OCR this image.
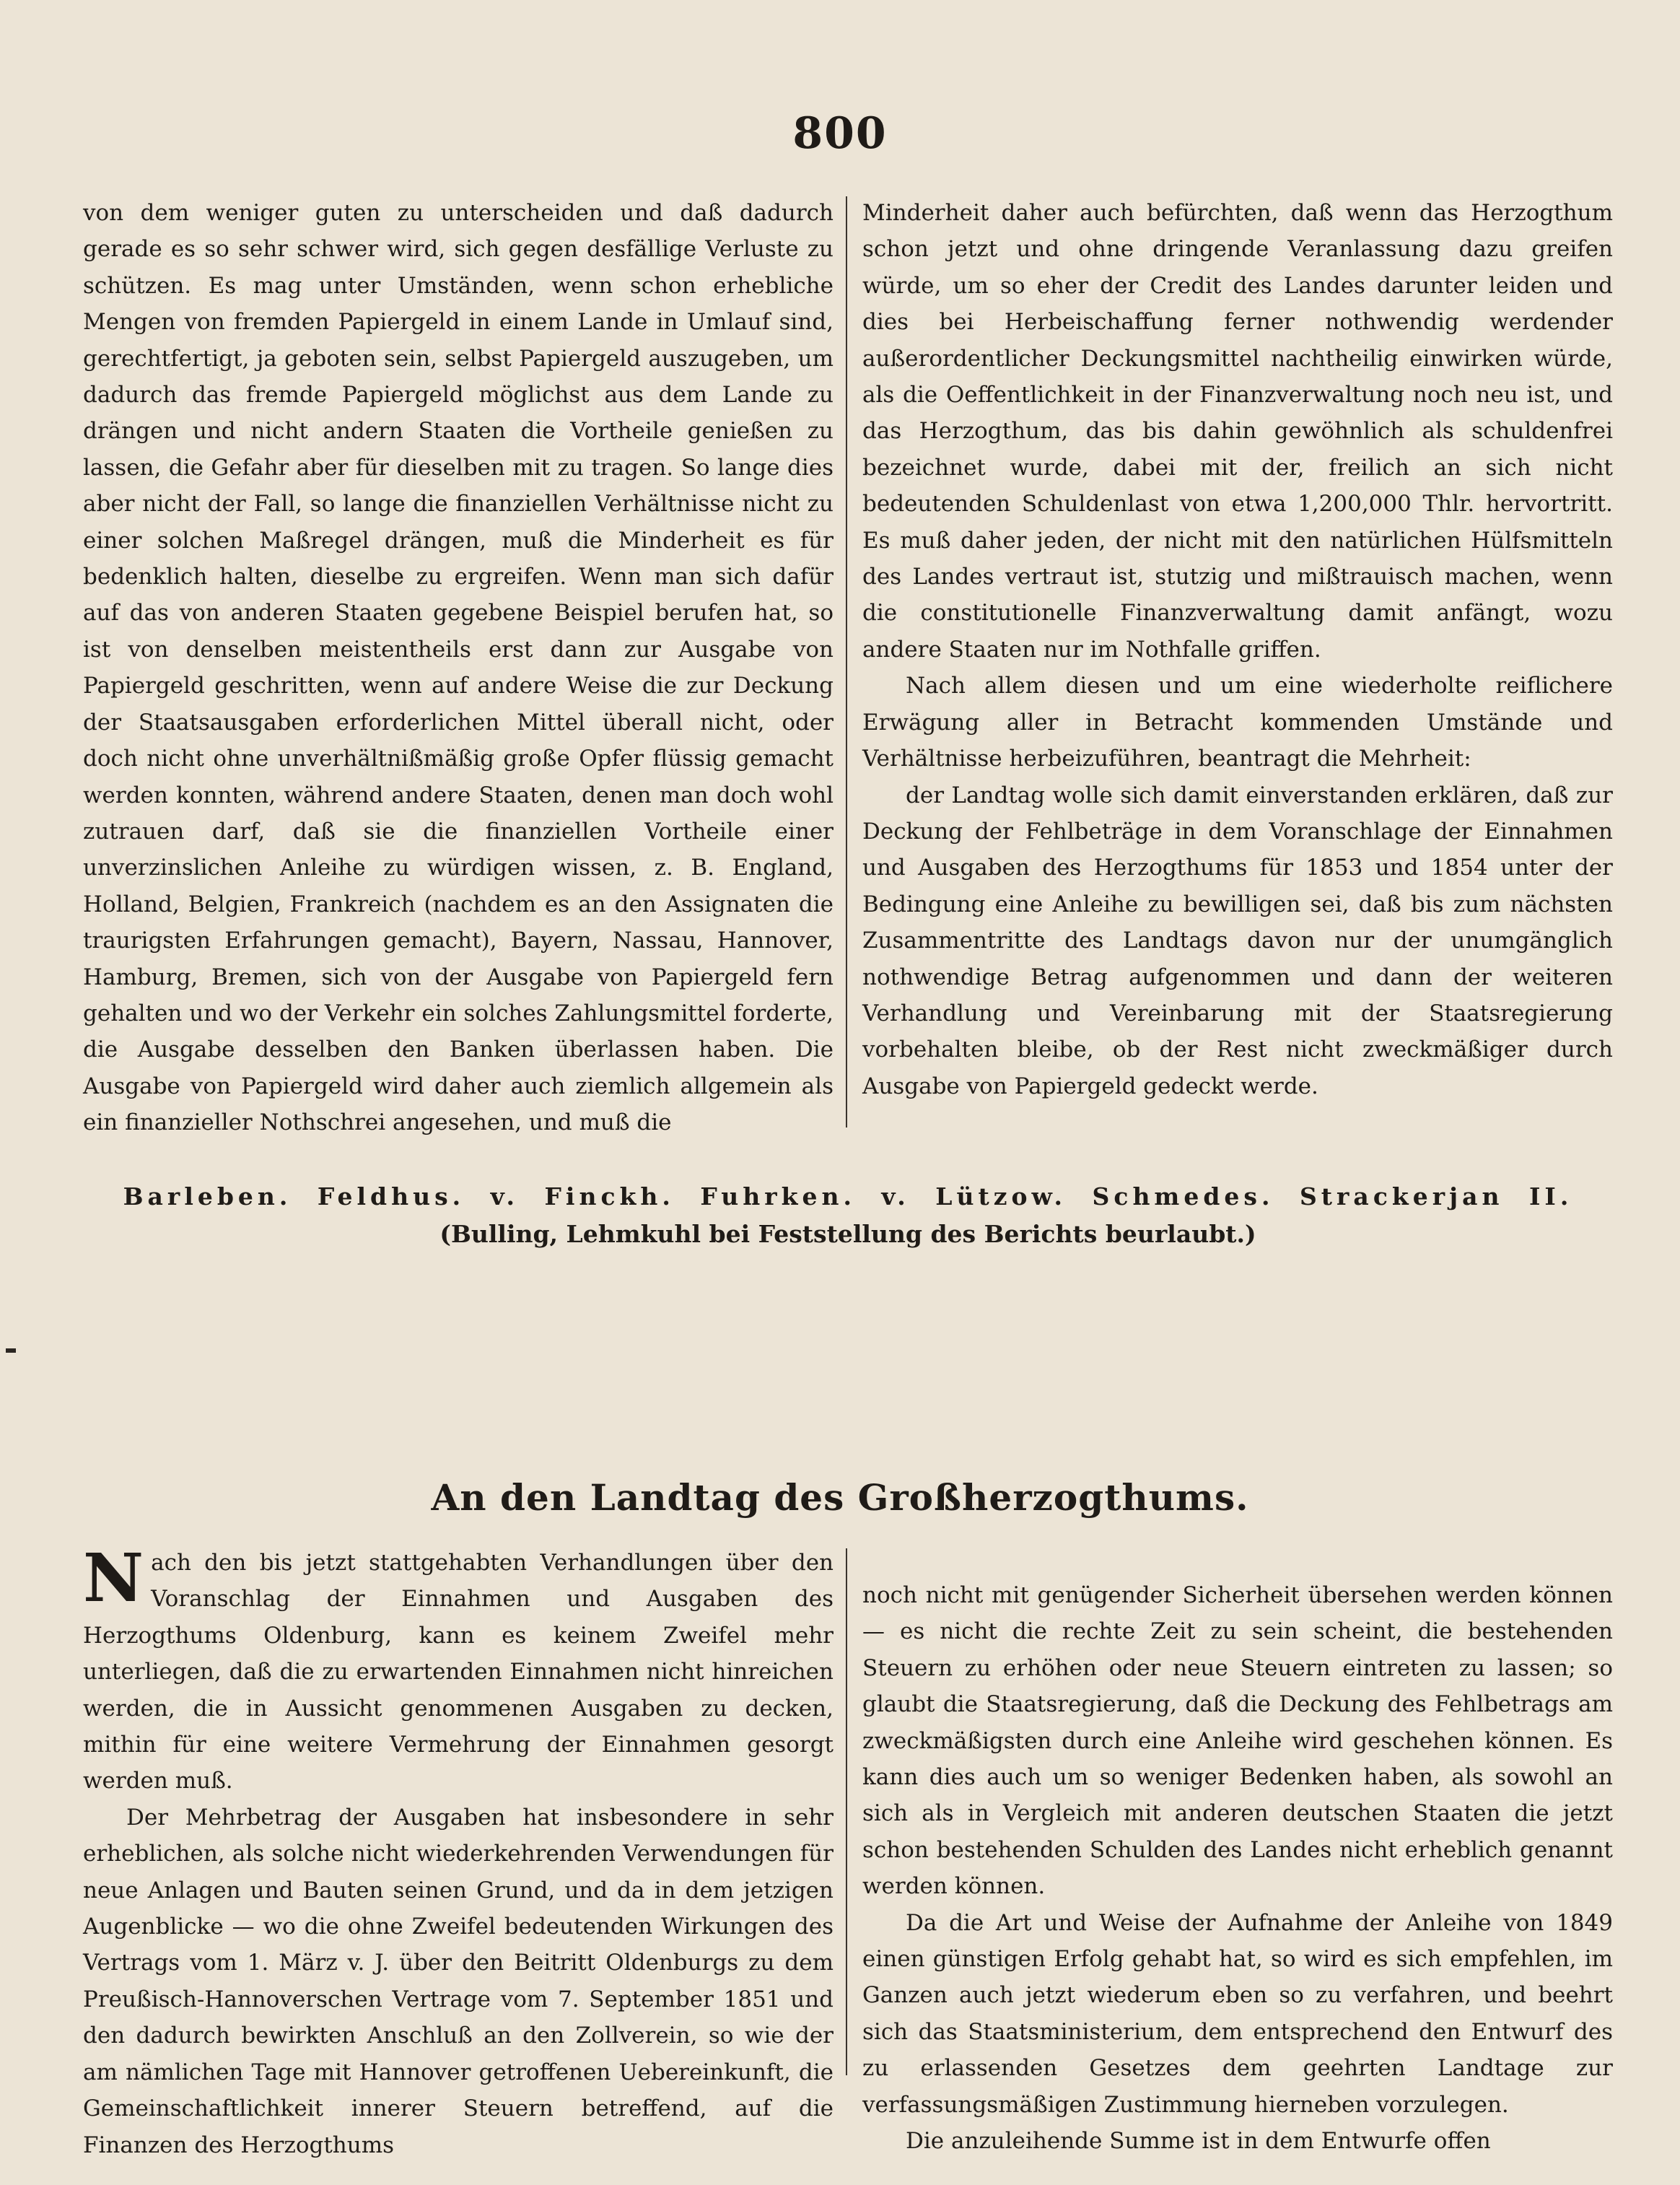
800

von dem weniger guten zu unterscheiden und daß dadurch gerade es so sehr schwer wird, sich gegen desfällige Verluste zu schützen. Es mag unter Umständen, wenn schon erhebliche Mengen von fremden Papiergeld in einem Lande in Umlauf sind, gerechtfertigt, ja geboten sein, selbst Papiergeld auszugeben, um dadurch das fremde Papiergeld möglichst aus dem Lande zu drängen und nicht andern Staaten die Vortheile genießen zu lassen, die Gefahr aber für dieselben mit zu tragen. So lange dies aber nicht der Fall, so lange die finanziellen Verhältnisse nicht zu einer solchen Maßregel drängen, muß die Minderheit es für bedenklich halten, dieselbe zu ergreifen. Wenn man sich dafür auf das von anderen Staaten gegebene Beispiel berufen hat, so ist von denselben meistentheils erst dann zur Ausgabe von Papiergeld geschritten, wenn auf andere Weise die zur Deckung der Staatsausgaben erforderlichen Mittel überall nicht, oder doch nicht ohne unverhältnißmäßig große Opfer flüssig gemacht werden konnten, während andere Staaten, denen man doch wohl zutrauen darf, daß sie die finanziellen Vortheile einer unverzinslichen Anleihe zu würdigen wissen, z. B. England, Holland, Belgien, Frankreich (nachdem es an den Assignaten die traurigsten Erfahrungen gemacht), Bayern, Nassau, Hannover, Hamburg, Bremen, sich von der Ausgabe von Papiergeld fern gehalten und wo der Verkehr ein solches Zahlungsmittel forderte, die Ausgabe desselben den Banken überlassen haben. Die Ausgabe von Papiergeld wird daher auch ziemlich allgemein als ein finanzieller Nothschrei angesehen, und muß die

Minderheit daher auch befürchten, daß wenn das Herzogthum schon jetzt und ohne dringende Veranlassung dazu greifen würde, um so eher der Credit des Landes darunter leiden und dies bei Herbeischaffung ferner nothwendig werdender außerordentlicher Deckungsmittel nachtheilig einwirken würde, als die Oeffentlichkeit in der Finanzverwaltung noch neu ist, und das Herzogthum, das bis dahin gewöhnlich als schuldenfrei bezeichnet wurde, dabei mit der, freilich an sich nicht bedeutenden Schuldenlast von etwa 1,200,000 Thlr. hervortritt. Es muß daher jeden, der nicht mit den natürlichen Hülfsmitteln des Landes vertraut ist, stutzig und mißtrauisch machen, wenn die constitutionelle Finanzverwaltung damit anfängt, wozu andere Staaten nur im Nothfalle griffen.

Nach allem diesen und um eine wiederholte reiflichere Erwägung aller in Betracht kommenden Umstände und Verhältnisse herbeizuführen, beantragt die Mehrheit:

der Landtag wolle sich damit einverstanden erklären, daß zur Deckung der Fehlbeträge in dem Voranschlage der Einnahmen und Ausgaben des Herzogthums für 1853 und 1854 unter der Bedingung eine Anleihe zu bewilligen sei, daß bis zum nächsten Zusammentritte des Landtags davon nur der unumgänglich nothwendige Betrag aufgenommen und dann der weiteren Verhandlung und Vereinbarung mit der Staatsregierung vorbehalten bleibe, ob der Rest nicht zweckmäßiger durch Ausgabe von Papiergeld gedeckt werde.

Barleben. Feldhus. v. Finckh. Fuhrken. v. Lützow. Schmedes. Strackerjan II.
(Bulling, Lehmkuhl bei Feststellung des Berichts beurlaubt.)
An den Landtag des Großherzogthums.

Nach den bis jetzt stattgehabten Verhandlungen über den Voranschlag der Einnahmen und Ausgaben des Herzogthums Oldenburg, kann es keinem Zweifel mehr unterliegen, daß die zu erwartenden Einnahmen nicht hinreichen werden, die in Aussicht genommenen Ausgaben zu decken, mithin für eine weitere Vermehrung der Einnahmen gesorgt werden muß.

Der Mehrbetrag der Ausgaben hat insbesondere in sehr erheblichen, als solche nicht wiederkehrenden Verwendungen für neue Anlagen und Bauten seinen Grund, und da in dem jetzigen Augenblicke — wo die ohne Zweifel bedeutenden Wirkungen des Vertrags vom 1. März v. J. über den Beitritt Oldenburgs zu dem Preußisch-Hannoverschen Vertrage vom 7. September 1851 und den dadurch bewirkten Anschluß an den Zollverein, so wie der am nämlichen Tage mit Hannover getroffenen Uebereinkunft, die Gemeinschaftlichkeit innerer Steuern betreffend, auf die Finanzen des Herzogthums

noch nicht mit genügender Sicherheit übersehen werden können — es nicht die rechte Zeit zu sein scheint, die bestehenden Steuern zu erhöhen oder neue Steuern eintreten zu lassen; so glaubt die Staatsregierung, daß die Deckung des Fehlbetrags am zweckmäßigsten durch eine Anleihe wird geschehen können. Es kann dies auch um so weniger Bedenken haben, als sowohl an sich als in Vergleich mit anderen deutschen Staaten die jetzt schon bestehenden Schulden des Landes nicht erheblich genannt werden können.

Da die Art und Weise der Aufnahme der Anleihe von 1849 einen günstigen Erfolg gehabt hat, so wird es sich empfehlen, im Ganzen auch jetzt wiederum eben so zu verfahren, und beehrt sich das Staatsministerium, dem entsprechend den Entwurf des zu erlassenden Gesetzes dem geehrten Landtage zur verfassungsmäßigen Zustimmung hierneben vorzulegen.

Die anzuleihende Summe ist in dem Entwurfe offen
